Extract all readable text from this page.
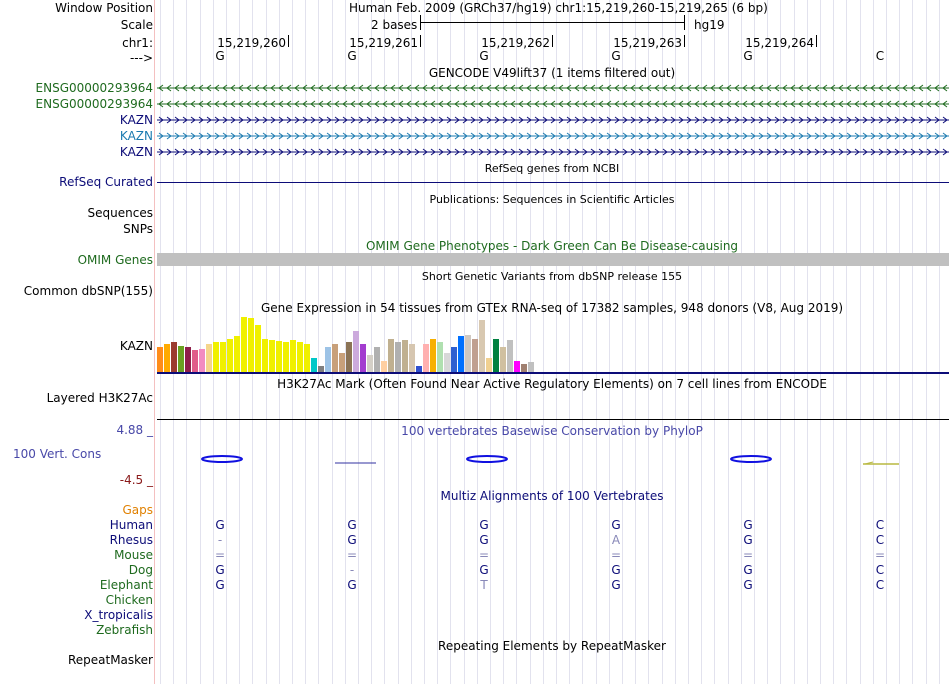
Window Position	Human Feb. 2009 (GRCh37/hg19) chr1:15,219,260-15,219,265 (6 bp)
Scale	2 bases	hg19
chr1:	15,219,260	15,219,261	15,219,262	15,219,263	15,219,264
--->	G	G	G	G	G	C
GENCODE V49lift37 (1 items filtered out)
ENSG00000293964
ENSG00000293964
KAZN
KAZN
KAZN
RefSeq genes from NCBI
RefSeq Curated
Publications: Sequences in Scientific Articles
Sequences
SNPs
OMIM Gene Phenotypes - Dark Green Can Be Disease-causing
OMIM Genes
Short Genetic Variants from dbSNP release 155
Common dbSNP(155)
Gene Expression in 54 tissues from GTEx RNA-seq of 17382 samples, 948 donors (V8, Aug 2019)
KAZN
H3K27Ac Mark (Often Found Near Active Regulatory Elements) on 7 cell lines from ENCODE
Layered H3K27Ac
100 vertebrates Basewise Conservation by PhyloP
4.88 _
100 Vert. Cons
-4.5 _
Multiz Alignments of 100 Vertebrates
Gaps
Human	G	G	G	G	G	C
Rhesus	-	G	G	A	G	C
Mouse	=	=	=	=	=	=
Dog	G	-	G	G	G	C
Elephant	G	G	T	G	G	C
Chicken
X_tropicalis
Zebrafish
Repeating Elements by RepeatMasker
RepeatMasker
